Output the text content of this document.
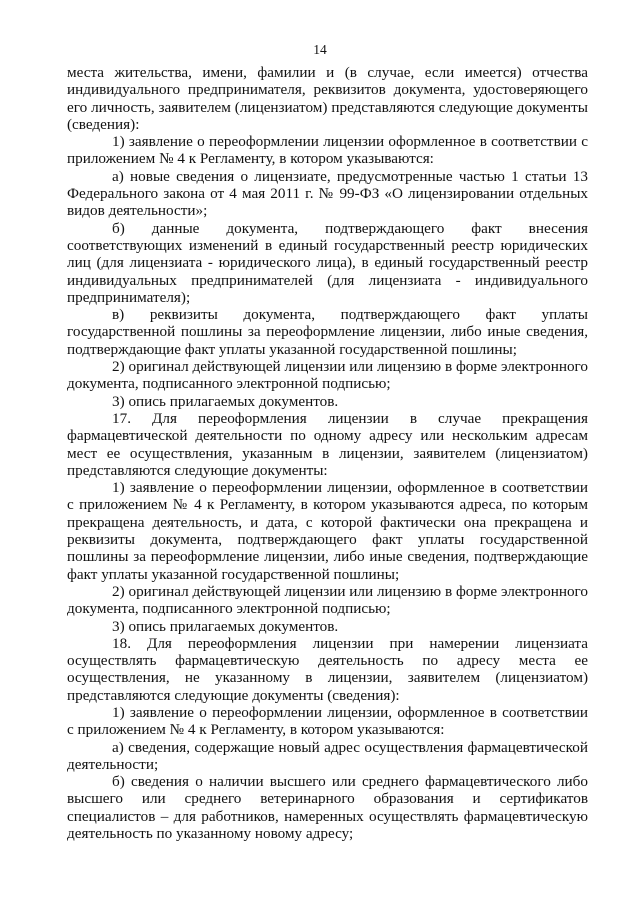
14

места жительства, имени, фамилии и (в случае, если имеется) отчества индивидуального предпринимателя, реквизитов документа, удостоверяющего его личность, заявителем (лицензиатом) представляются следующие документы (сведения):

1) заявление о переоформлении лицензии оформленное в соответствии с приложением № 4 к Регламенту, в котором указываются:

а) новые сведения о лицензиате, предусмотренные частью 1 статьи 13 Федерального закона от 4 мая 2011 г. № 99-ФЗ «О лицензировании отдельных видов деятельности»;

б) данные документа, подтверждающего факт внесения соответствующих изменений в единый государственный реестр юридических лиц (для лицензиата - юридического лица), в единый государственный реестр индивидуальных предпринимателей (для лицензиата - индивидуального предпринимателя);

в) реквизиты документа, подтверждающего факт уплаты государственной пошлины за переоформление лицензии, либо иные сведения, подтверждающие факт уплаты указанной государственной пошлины;

2) оригинал действующей лицензии или лицензию в форме электронного документа, подписанного электронной подписью;

3) опись прилагаемых документов.

17. Для переоформления лицензии в случае прекращения фармацевтической деятельности по одному адресу или нескольким адресам мест ее осуществления, указанным в лицензии, заявителем (лицензиатом) представляются следующие документы:

1) заявление о переоформлении лицензии, оформленное в соответствии с приложением № 4 к Регламенту, в котором указываются адреса, по которым прекращена деятельность, и дата, с которой фактически она прекращена и реквизиты документа, подтверждающего факт уплаты государственной пошлины за переоформление лицензии, либо иные сведения, подтверждающие факт уплаты указанной государственной пошлины;

2) оригинал действующей лицензии или лицензию в форме электронного документа, подписанного электронной подписью;

3) опись прилагаемых документов.

18. Для переоформления лицензии при намерении лицензиата осуществлять фармацевтическую деятельность по адресу места ее осуществления, не указанному в лицензии, заявителем (лицензиатом) представляются следующие документы (сведения):

1) заявление о переоформлении лицензии, оформленное в соответствии с приложением № 4 к Регламенту, в котором указываются:

а) сведения, содержащие новый адрес осуществления фармацевтической деятельности;

б) сведения о наличии высшего или среднего фармацевтического либо высшего или среднего ветеринарного образования и сертификатов специалистов – для работников, намеренных осуществлять фармацевтическую деятельность по указанному новому адресу;
